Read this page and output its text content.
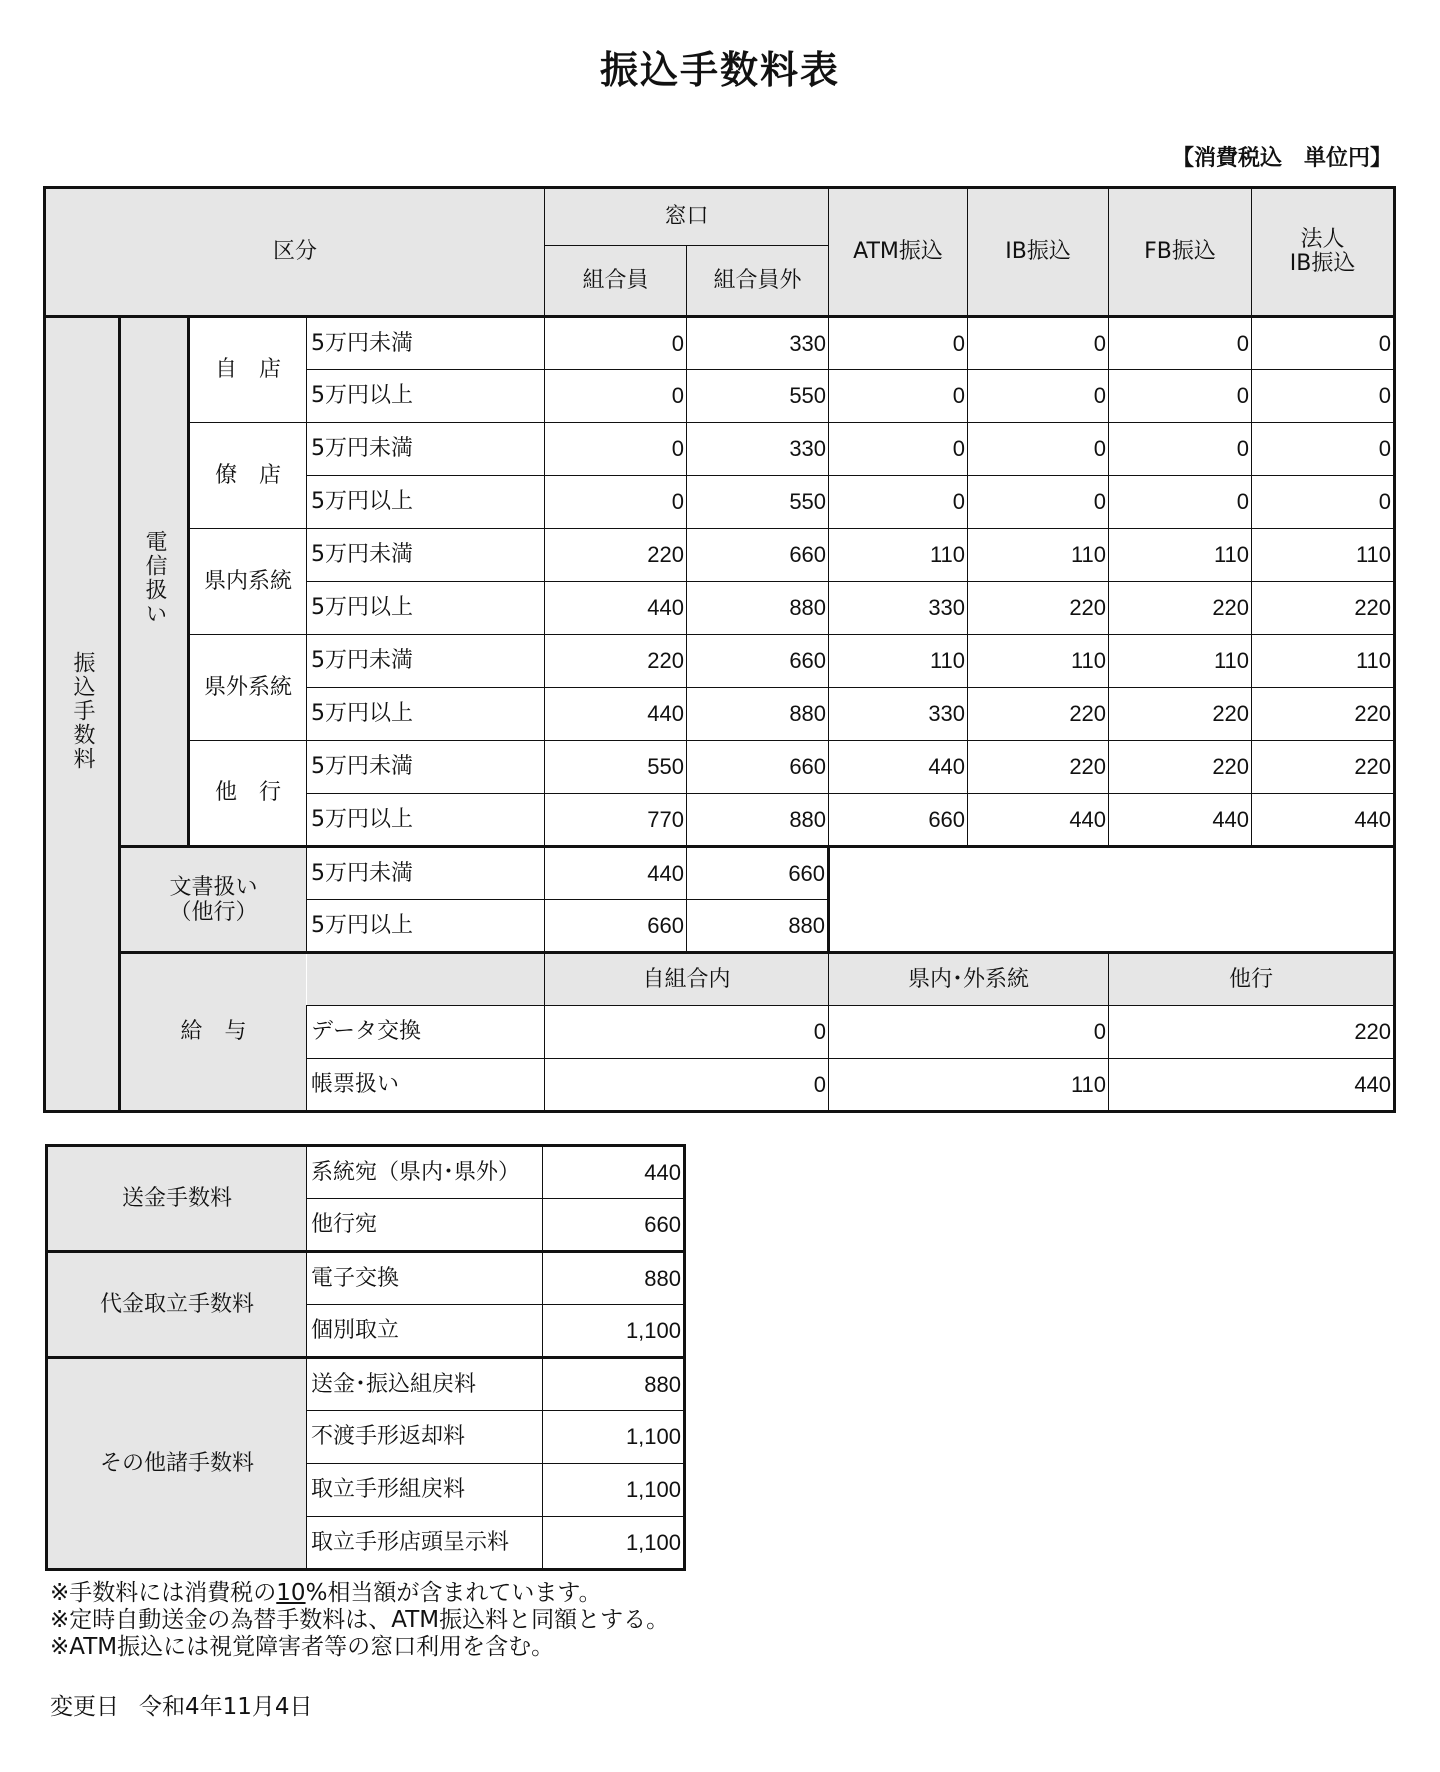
振込手数料表
【消費税込　単位円】
区分				窓口		ATM振込	IB振込	FB振込	法人
IB振込
				組合員	組合員外				
振込手数料	電信扱い	自　店	5万円未満	0	330	0	0	0	0
			5万円以上	0	550	0	0	0	0
		僚　店	5万円未満	0	330	0	0	0	0
			5万円以上	0	550	0	0	0	0
		県内系統	5万円未満	220	660	110	110	110	110
			5万円以上	440	880	330	220	220	220
		県外系統	5万円未満	220	660	110	110	110	110
			5万円以上	440	880	330	220	220	220
		他　行	5万円未満	550	660	440	220	220	220
			5万円以上	770	880	660	440	440	440
	文書扱い
（他行）		5万円未満	440	660				
			5万円以上	660	880				
	給　与			自組合内		県内･外系統		他行	
			データ交換	0		0		220	
			帳票扱い	0		110		440	
送金手数料	系統宛（県内･県外）	440
	他行宛	660
代金取立手数料	電子交換	880
	個別取立	1,100
その他諸手数料	送金･振込組戻料	880
	不渡手形返却料	1,100
	取立手形組戻料	1,100
	取立手形店頭呈示料	1,100
※手数料には消費税の10%相当額が含まれています。
※定時自動送金の為替手数料は、ATM振込料と同額とする。
※ATM振込には視覚障害者等の窓口利用を含む。
変更日 令和4年11月4日
